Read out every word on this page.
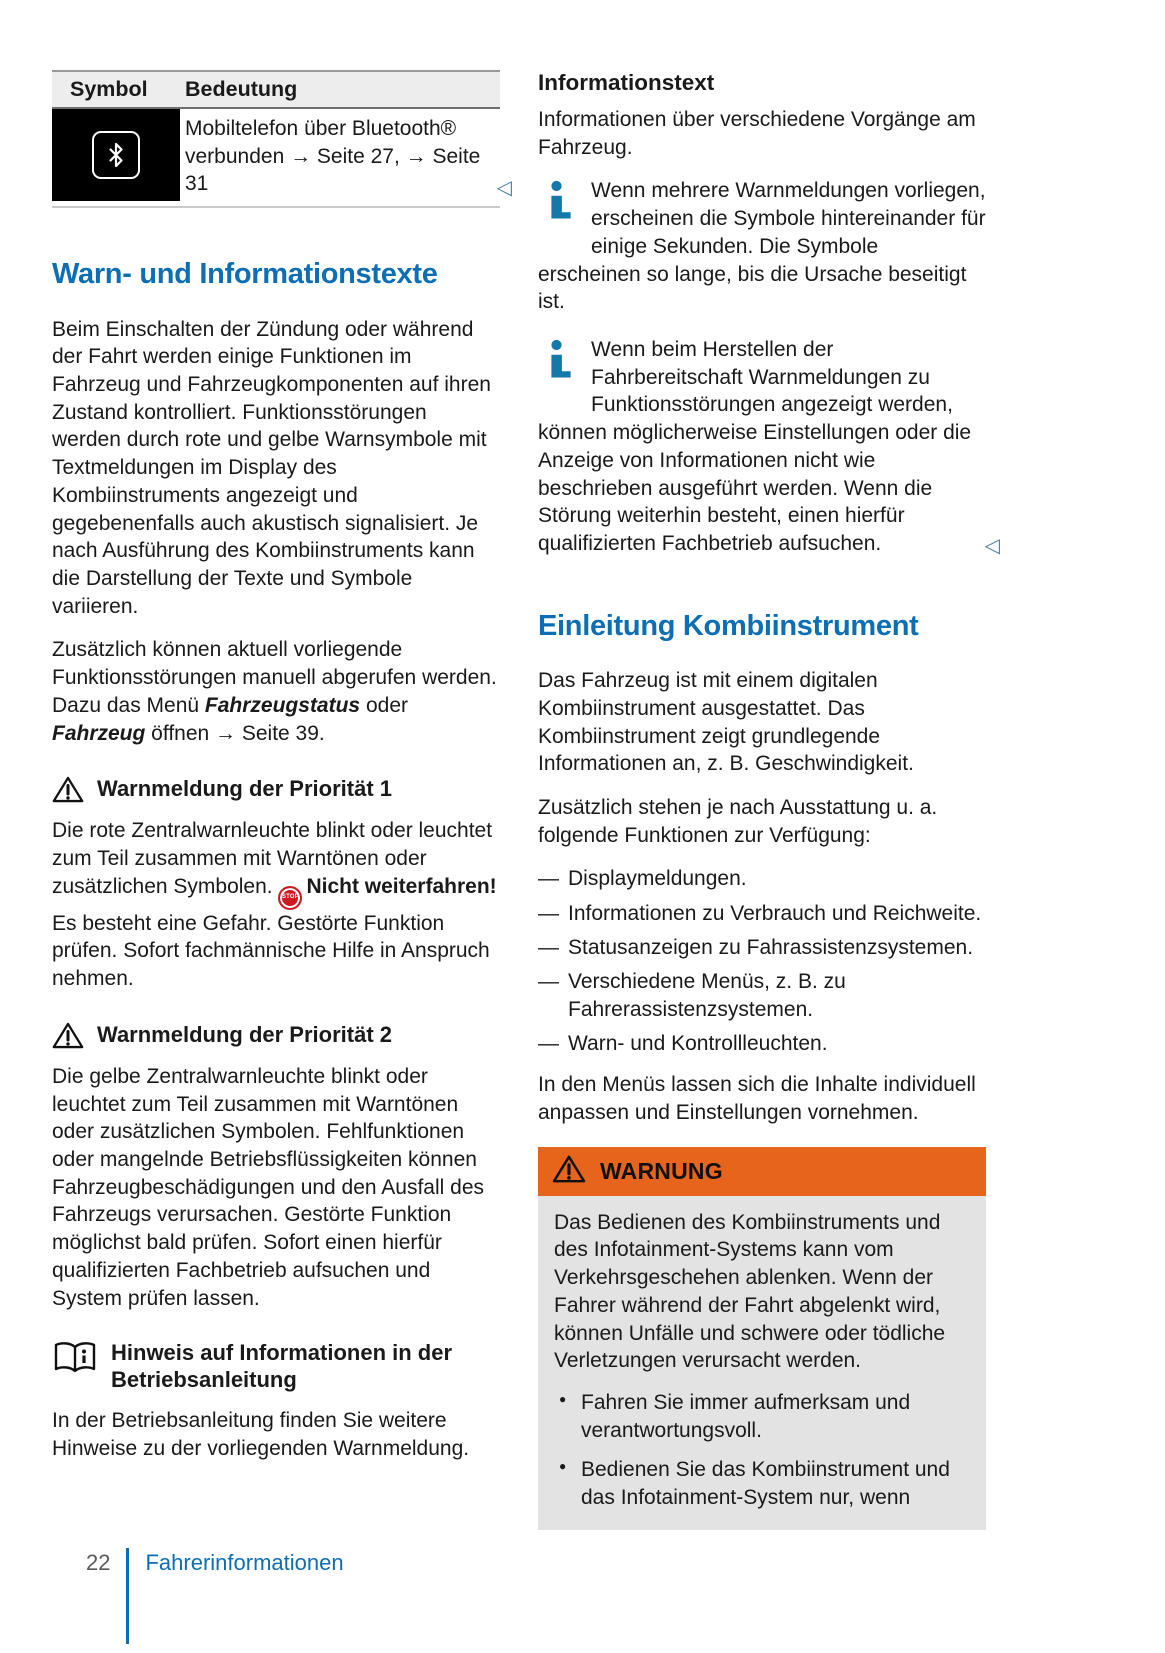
Symbol	Bedeutung
Mobiltelefon über Bluetooth® verbunden → Seite 27, → Seite 31	◁
Warn- und Informationstexte

Beim Einschalten der Zündung oder während der Fahrt werden einige Funktionen im Fahrzeug und Fahrzeugkomponenten auf ihren Zustand kontrolliert. Funktionsstörungen werden durch rote und gelbe Warnsymbole mit Textmeldungen im Display des Kombiinstruments angezeigt und gegebenenfalls auch akustisch signalisiert. Je nach Ausführung des Kombiinstruments kann die Darstellung der Texte und Symbole variieren.

Zusätzlich können aktuell vorliegende Funktionsstörungen manuell abgerufen werden. Dazu das Menü Fahrzeugstatus oder Fahrzeug öffnen → Seite 39.

Warnmeldung der Priorität 1

Die rote Zentralwarnleuchte blinkt oder leuchtet zum Teil zusammen mit Warntönen oder zusätzlichen Symbolen. STOP Nicht weiterfahren! Es besteht eine Gefahr. Gestörte Funktion prüfen. Sofort fachmännische Hilfe in Anspruch nehmen.

Warnmeldung der Priorität 2

Die gelbe Zentralwarnleuchte blinkt oder leuchtet zum Teil zusammen mit Warntönen oder zusätzlichen Symbolen. Fehlfunktionen oder mangelnde Betriebsflüssigkeiten können Fahrzeugbeschädigungen und den Ausfall des Fahrzeugs verursachen. Gestörte Funktion möglichst bald prüfen. Sofort einen hierfür qualifizierten Fachbetrieb aufsuchen und System prüfen lassen.

Hinweis auf Informationen in der Betriebsanleitung

In der Betriebsanleitung finden Sie weitere Hinweise zu der vorliegenden Warnmeldung.

Informationstext

Informationen über verschiedene Vorgänge am Fahrzeug.

Wenn mehrere Warnmeldungen vorliegen, erscheinen die Symbole hintereinander für einige Sekunden. Die Symbole erscheinen so lange, bis die Ursache beseitigt ist.

Wenn beim Herstellen der Fahrbereitschaft Warnmeldungen zu Funktionsstörungen angezeigt werden, können möglicherweise Einstellungen oder die Anzeige von Informationen nicht wie beschrieben ausgeführt werden. Wenn die Störung weiterhin besteht, einen hierfür qualifizierten Fachbetrieb aufsuchen.	◁
Einleitung Kombiinstrument

Das Fahrzeug ist mit einem digitalen Kombiinstrument ausgestattet. Das Kombiinstrument zeigt grundlegende Informationen an, z. B. Geschwindigkeit.

Zusätzlich stehen je nach Ausstattung u. a. folgende Funktionen zur Verfügung:

— Displaymeldungen.
— Informationen zu Verbrauch und Reichweite.
— Statusanzeigen zu Fahrassistenzsystemen.
— Verschiedene Menüs, z. B. zu Fahrerassistenzsystemen.
— Warn- und Kontrollleuchten.

In den Menüs lassen sich die Inhalte individuell anpassen und Einstellungen vornehmen.

WARNUNG

Das Bedienen des Kombiinstruments und des Infotainment-Systems kann vom Verkehrsgeschehen ablenken. Wenn der Fahrer während der Fahrt abgelenkt wird, können Unfälle und schwere oder tödliche Verletzungen verursacht werden.

● Fahren Sie immer aufmerksam und verantwortungsvoll.
● Bedienen Sie das Kombiinstrument und das Infotainment-System nur, wenn
22 Fahrerinformationen
